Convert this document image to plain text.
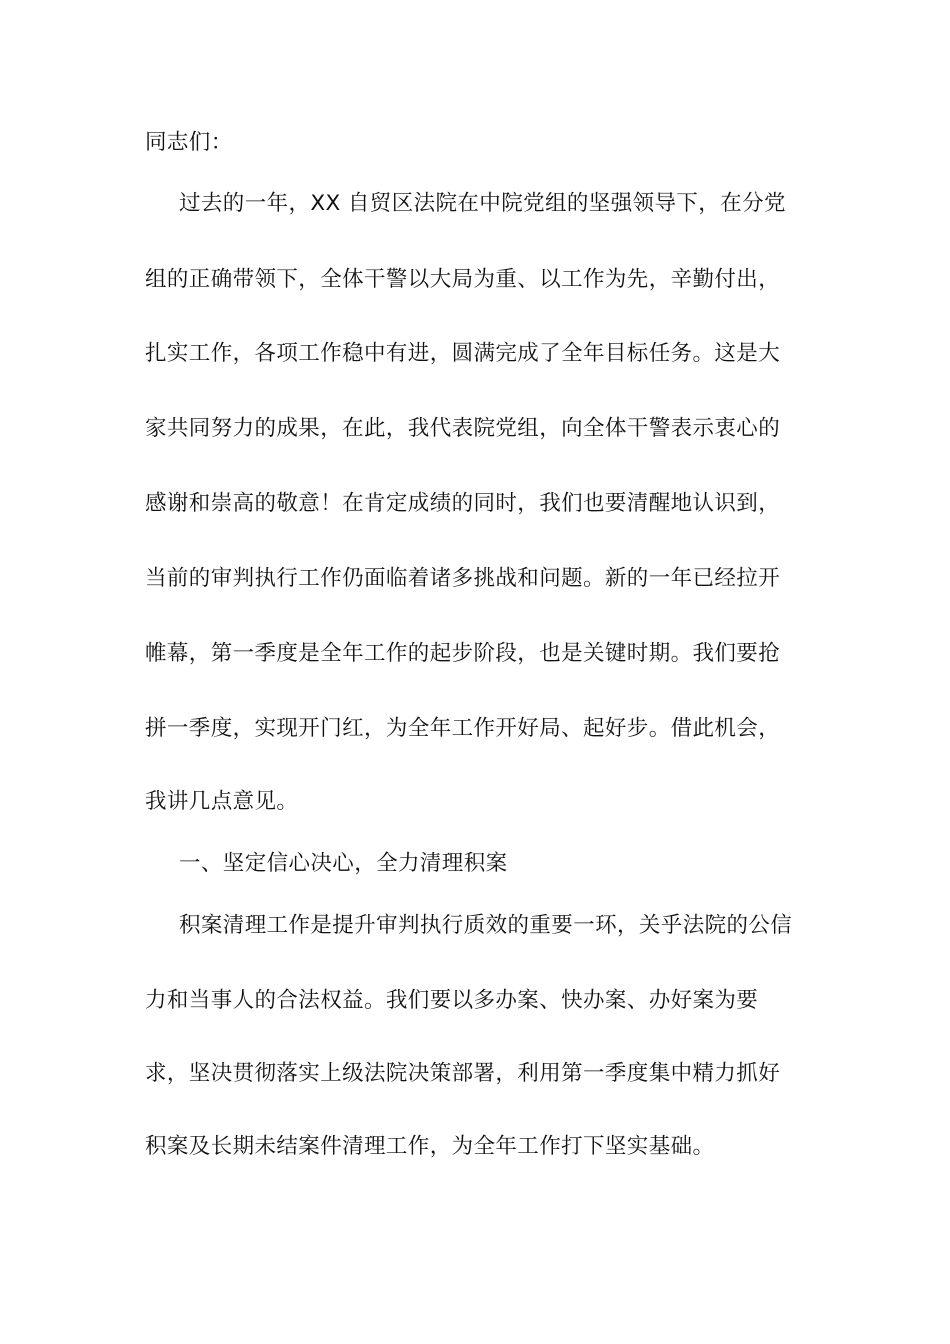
同志们：
过去的一年，XX 自贸区法院在中院党组的坚强领导下，在分党
组的正确带领下，全体干警以大局为重、以工作为先，辛勤付出，
扎实工作，各项工作稳中有进，圆满完成了全年目标任务。这是大
家共同努力的成果，在此，我代表院党组，向全体干警表示衷心的
感谢和崇高的敬意！在肯定成绩的同时，我们也要清醒地认识到，
当前的审判执行工作仍面临着诸多挑战和问题。新的一年已经拉开
帷幕，第一季度是全年工作的起步阶段，也是关键时期。我们要抢
拼一季度，实现开门红，为全年工作开好局、起好步。借此机会，
我讲几点意见。
一、坚定信心决心，全力清理积案
积案清理工作是提升审判执行质效的重要一环，关乎法院的公信
力和当事人的合法权益。我们要以多办案、快办案、办好案为要
求，坚决贯彻落实上级法院决策部署，利用第一季度集中精力抓好
积案及长期未结案件清理工作，为全年工作打下坚实基础。
